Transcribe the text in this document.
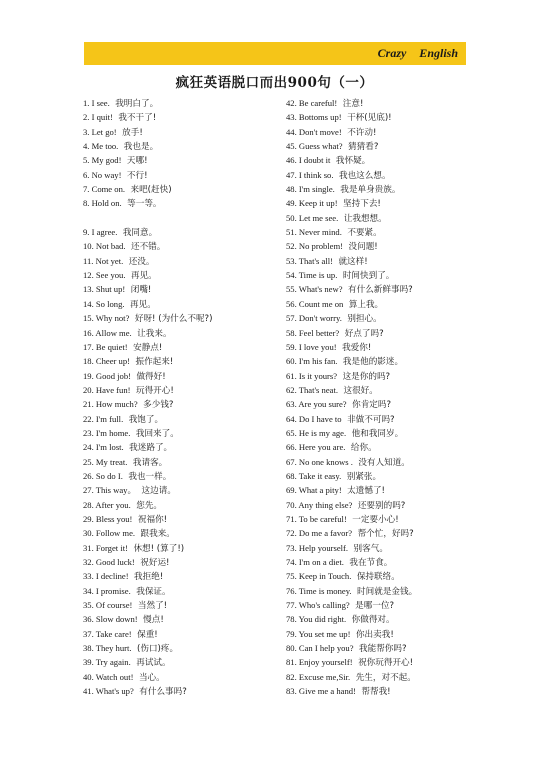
Crazy English
疯狂英语脱口而出900句（一）
1. I see. 我明白了。
2. I quit! 我不干了!
3. Let go! 放手!
4. Me too. 我也是。
5. My god! 天哪!
6. No way! 不行!
7. Come on. 来吧(赶快)
8. Hold on. 等一等。

9. I agree. 我同意。
10. Not bad. 还不错。
11. Not yet. 还没。
12. See you. 再见。
13. Shut up! 闭嘴!
14. So long. 再见。
15. Why not? 好呀! (为什么不呢?)
16. Allow me. 让我来。
17. Be quiet! 安静点!
18. Cheer up! 振作起来!
19. Good job! 做得好!
20. Have fun! 玩得开心!
21. How much? 多少钱?
22. I'm full. 我饱了。
23. I'm home. 我回来了。
24. I'm lost. 我迷路了。
25. My treat. 我请客。
26. So do I. 我也一样。
27. This way。 这边请。
28. After you. 您先。
29. Bless you! 祝福你!
30. Follow me. 跟我来。
31. Forget it! 休想! (算了!)
32. Good luck! 祝好运!
33. I decline! 我拒绝!
34. I promise. 我保证。
35. Of course! 当然了!
36. Slow down! 慢点!
37. Take care! 保重!
38. They hurt. (伤口)疼。
39. Try again. 再试试。
40. Watch out! 当心。
41. What's up? 有什么事吗?
42. Be careful! 注意!
43. Bottoms up! 干杯(见底)!
44. Don't move! 不许动!
45. Guess what? 猜猜看?
46. I doubt it 我怀疑。
47. I think so. 我也这么想。
48. I'm single. 我是单身贵族。
49. Keep it up! 坚持下去!
50. Let me see. 让我想想。
51. Never mind. 不要紧。
52. No problem! 没问题!
53. That's all! 就这样!
54. Time is up. 时间快到了。
55. What's new? 有什么新鲜事吗?
56. Count me on 算上我。
57. Don't worry. 别担心。
58. Feel better? 好点了吗?
59. I love you! 我爱你!
60. I'm his fan. 我是他的影迷。
61. Is it yours? 这是你的吗?
62. That's neat. 这很好。
63. Are you sure? 你肯定吗?
64. Do I have to 非做不可吗?
65. He is my age. 他和我同岁。
66. Here you are. 给你。
67. No one knows . 没有人知道。
68. Take it easy. 别紧张。
69. What a pity! 太遗憾了!
70. Any thing else? 还要别的吗?
71. To be careful! 一定要小心!
72. Do me a favor? 帮个忙，好吗?
73. Help yourself. 别客气。
74. I'm on a diet. 我在节食。
75. Keep in Touch. 保持联络。
76. Time is money. 时间就是金钱。
77. Who's calling? 是哪一位?
78. You did right. 你做得对。
79. You set me up! 你出卖我!
80. Can I help you? 我能帮你吗?
81. Enjoy yourself! 祝你玩得开心!
82. Excuse me,Sir. 先生，对不起。
83. Give me a hand! 帮帮我!
